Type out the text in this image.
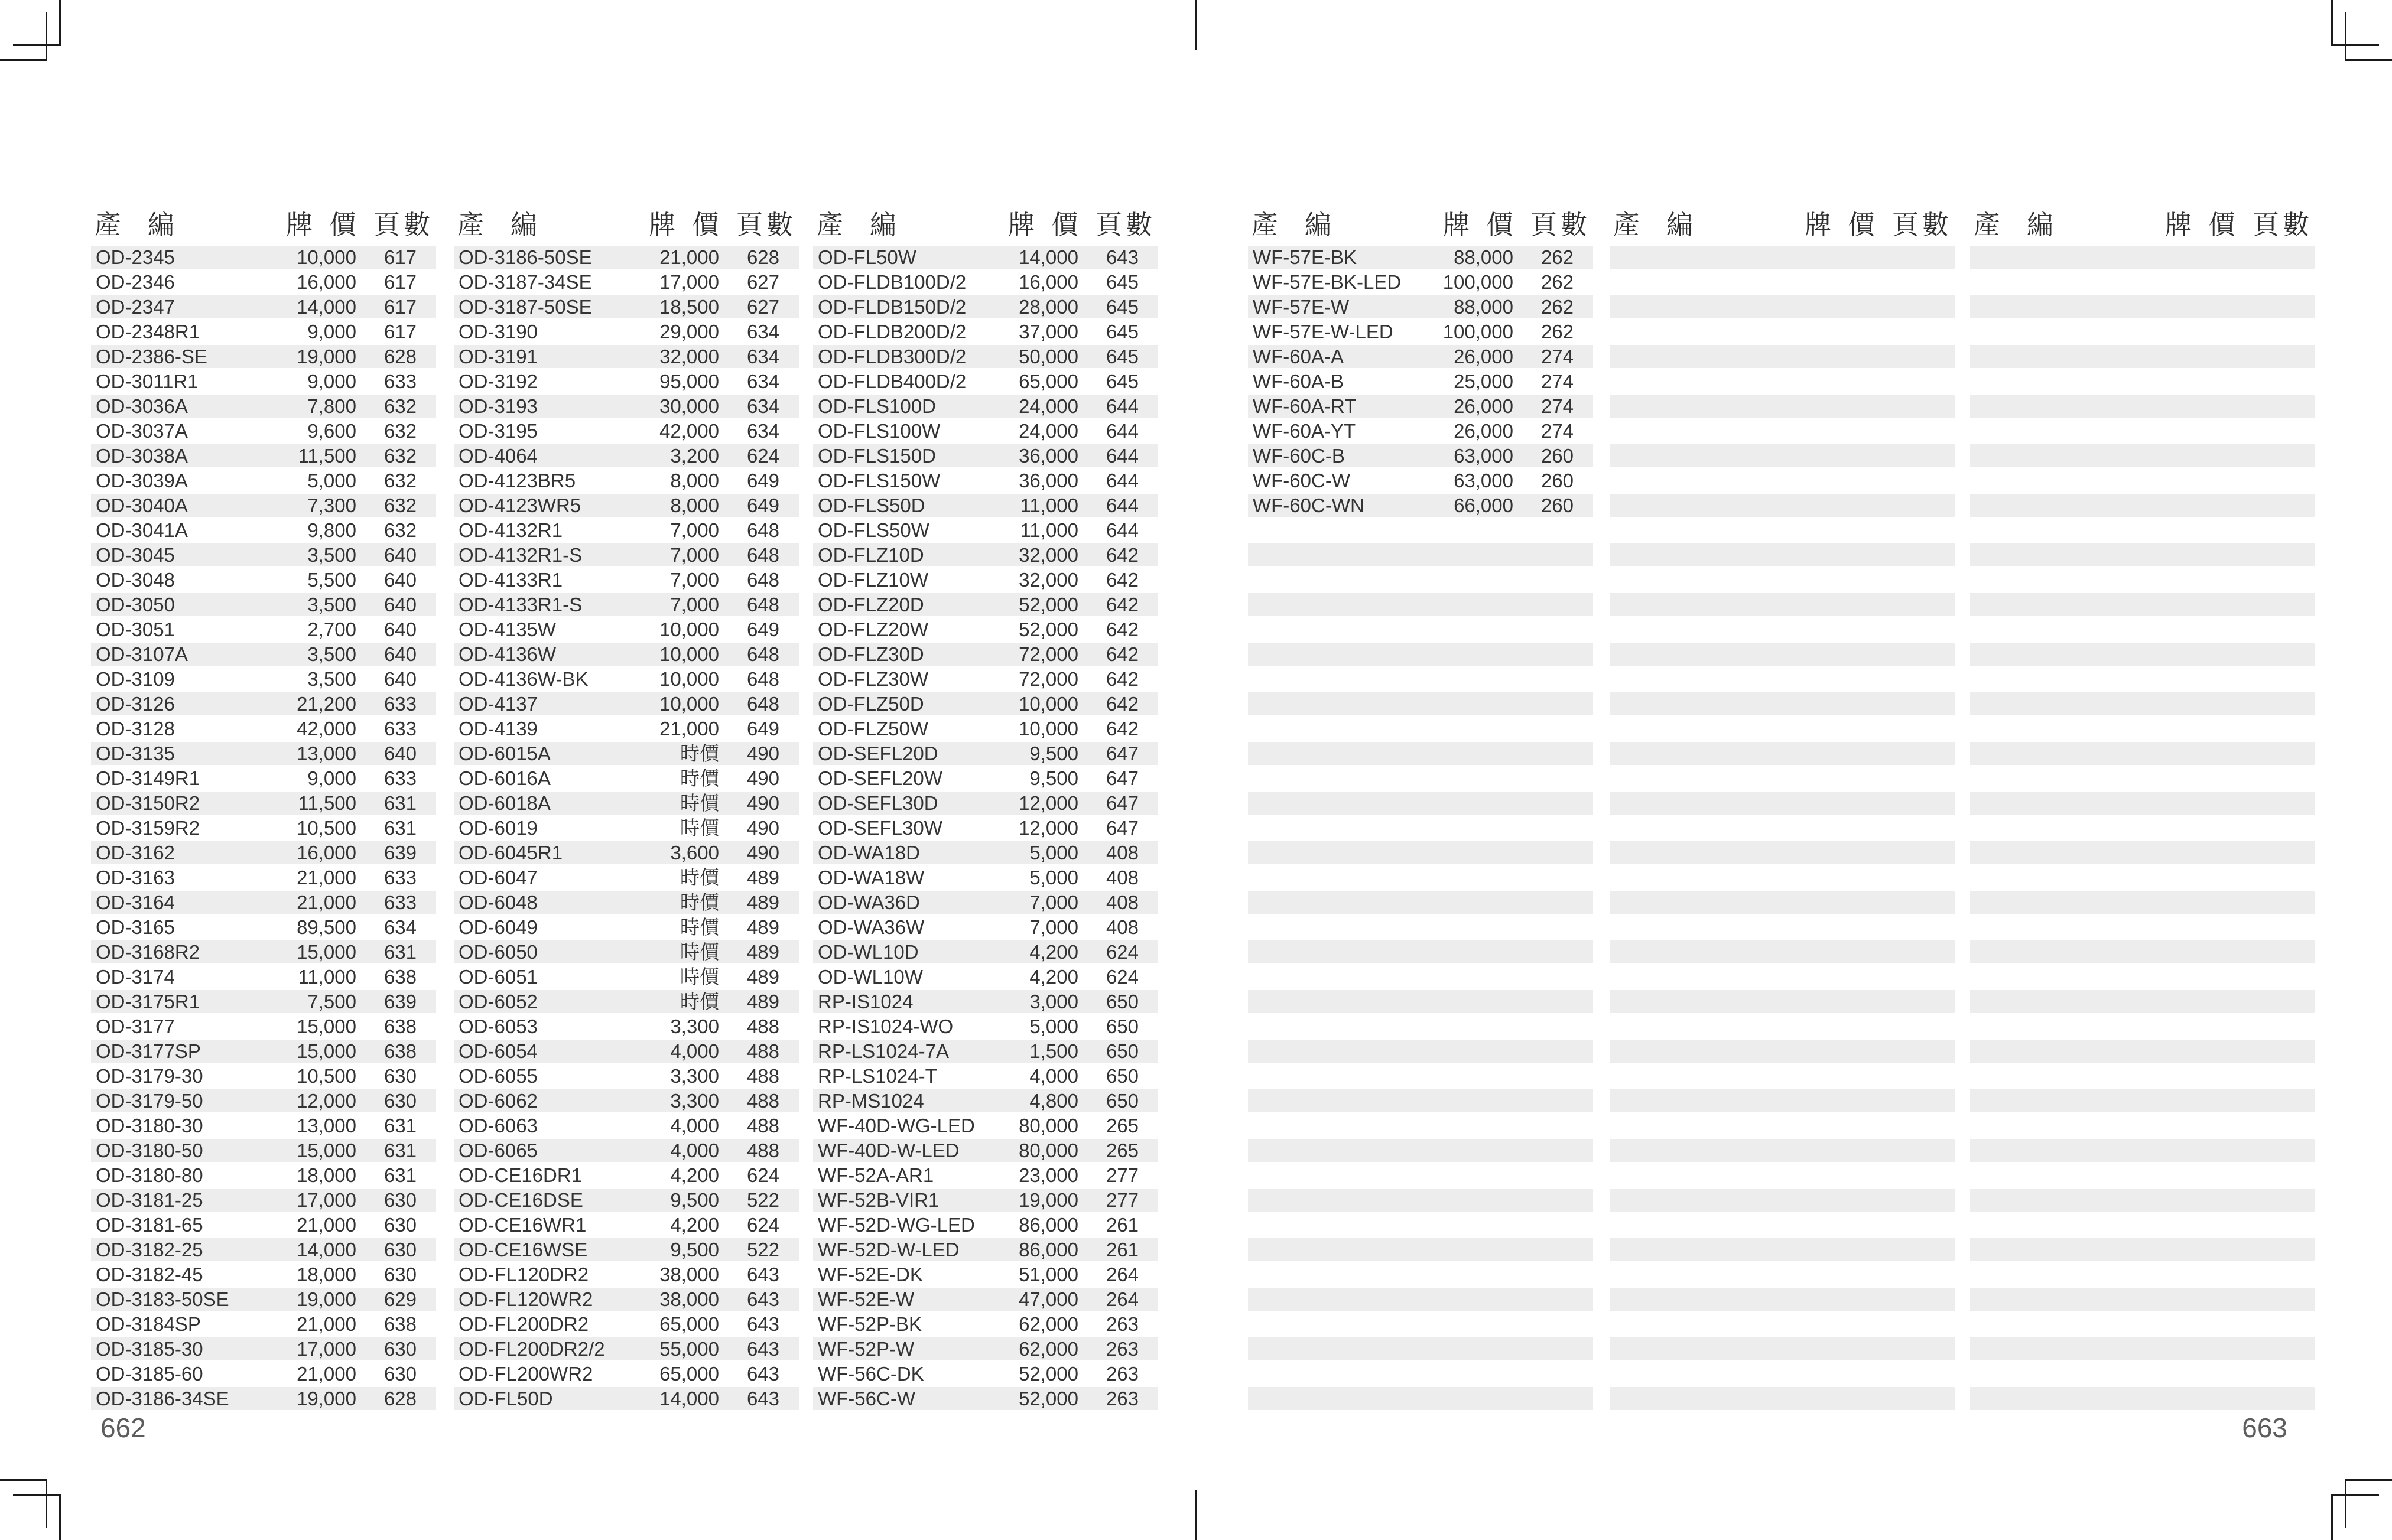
產　編	牌 價 頁數
OD-2345	10,000	617
OD-2346	16,000	617
OD-2347	14,000	617
OD-2348R1	9,000	617
OD-2386-SE	19,000	628
OD-3011R1	9,000	633
OD-3036A	7,800	632
OD-3037A	9,600	632
OD-3038A	11,500	632
OD-3039A	5,000	632
OD-3040A	7,300	632
OD-3041A	9,800	632
OD-3045	3,500	640
OD-3048	5,500	640
OD-3050	3,500	640
OD-3051	2,700	640
OD-3107A	3,500	640
OD-3109	3,500	640
OD-3126	21,200	633
OD-3128	42,000	633
OD-3135	13,000	640
OD-3149R1	9,000	633
OD-3150R2	11,500	631
OD-3159R2	10,500	631
OD-3162	16,000	639
OD-3163	21,000	633
OD-3164	21,000	633
OD-3165	89,500	634
OD-3168R2	15,000	631
OD-3174	11,000	638
OD-3175R1	7,500	639
OD-3177	15,000	638
OD-3177SP	15,000	638
OD-3179-30	10,500	630
OD-3179-50	12,000	630
OD-3180-30	13,000	631
OD-3180-50	15,000	631
OD-3180-80	18,000	631
OD-3181-25	17,000	630
OD-3181-65	21,000	630
OD-3182-25	14,000	630
OD-3182-45	18,000	630
OD-3183-50SE	19,000	629
OD-3184SP	21,000	638
OD-3185-30	17,000	630
OD-3185-60	21,000	630
OD-3186-34SE	19,000	628
產　編	牌 價 頁數
OD-3186-50SE	21,000	628
OD-3187-34SE	17,000	627
OD-3187-50SE	18,500	627
OD-3190	29,000	634
OD-3191	32,000	634
OD-3192	95,000	634
OD-3193	30,000	634
OD-3195	42,000	634
OD-4064	3,200	624
OD-4123BR5	8,000	649
OD-4123WR5	8,000	649
OD-4132R1	7,000	648
OD-4132R1-S	7,000	648
OD-4133R1	7,000	648
OD-4133R1-S	7,000	648
OD-4135W	10,000	649
OD-4136W	10,000	648
OD-4136W-BK	10,000	648
OD-4137	10,000	648
OD-4139	21,000	649
OD-6015A	時價	490
OD-6016A	時價	490
OD-6018A	時價	490
OD-6019	時價	490
OD-6045R1	3,600	490
OD-6047	時價	489
OD-6048	時價	489
OD-6049	時價	489
OD-6050	時價	489
OD-6051	時價	489
OD-6052	時價	489
OD-6053	3,300	488
OD-6054	4,000	488
OD-6055	3,300	488
OD-6062	3,300	488
OD-6063	4,000	488
OD-6065	4,000	488
OD-CE16DR1	4,200	624
OD-CE16DSE	9,500	522
OD-CE16WR1	4,200	624
OD-CE16WSE	9,500	522
OD-FL120DR2	38,000	643
OD-FL120WR2	38,000	643
OD-FL200DR2	65,000	643
OD-FL200DR2/2	55,000	643
OD-FL200WR2	65,000	643
OD-FL50D	14,000	643
產　編	牌 價 頁數
OD-FL50W	14,000	643
OD-FLDB100D/2	16,000	645
OD-FLDB150D/2	28,000	645
OD-FLDB200D/2	37,000	645
OD-FLDB300D/2	50,000	645
OD-FLDB400D/2	65,000	645
OD-FLS100D	24,000	644
OD-FLS100W	24,000	644
OD-FLS150D	36,000	644
OD-FLS150W	36,000	644
OD-FLS50D	11,000	644
OD-FLS50W	11,000	644
OD-FLZ10D	32,000	642
OD-FLZ10W	32,000	642
OD-FLZ20D	52,000	642
OD-FLZ20W	52,000	642
OD-FLZ30D	72,000	642
OD-FLZ30W	72,000	642
OD-FLZ50D	10,000	642
OD-FLZ50W	10,000	642
OD-SEFL20D	9,500	647
OD-SEFL20W	9,500	647
OD-SEFL30D	12,000	647
OD-SEFL30W	12,000	647
OD-WA18D	5,000	408
OD-WA18W	5,000	408
OD-WA36D	7,000	408
OD-WA36W	7,000	408
OD-WL10D	4,200	624
OD-WL10W	4,200	624
RP-IS1024	3,000	650
RP-IS1024-WO	5,000	650
RP-LS1024-7A	1,500	650
RP-LS1024-T	4,000	650
RP-MS1024	4,800	650
WF-40D-WG-LED	80,000	265
WF-40D-W-LED	80,000	265
WF-52A-AR1	23,000	277
WF-52B-VIR1	19,000	277
WF-52D-WG-LED	86,000	261
WF-52D-W-LED	86,000	261
WF-52E-DK	51,000	264
WF-52E-W	47,000	264
WF-52P-BK	62,000	263
WF-52P-W	62,000	263
WF-56C-DK	52,000	263
WF-56C-W	52,000	263
662
產　編	牌 價 頁數
WF-57E-BK	88,000	262
WF-57E-BK-LED	100,000	262
WF-57E-W	88,000	262
WF-57E-W-LED	100,000	262
WF-60A-A	26,000	274
WF-60A-B	25,000	274
WF-60A-RT	26,000	274
WF-60A-YT	26,000	274
WF-60C-B	63,000	260
WF-60C-W	63,000	260
WF-60C-WN	66,000	260
產　編	牌 價 頁數 產　編	牌 價 頁數
663
